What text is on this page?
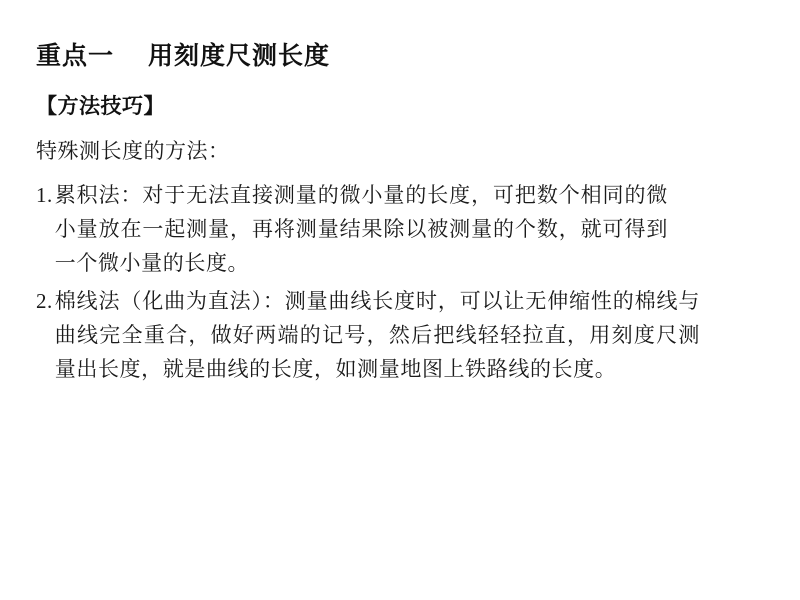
重点一 用刻度尺测长度
【方法技巧】

特殊测长度的方法：

1. 累积法：对于无法直接测量的微小量的长度，可把数个相同的微小量放在一起测量，再将测量结果除以被测量的个数，就可得到一个微小量的长度。
2. 棉线法（化曲为直法）：测量曲线长度时，可以让无伸缩性的棉线与曲线完全重合，做好两端的记号，然后把线轻轻拉直，用刻度尺测量出长度，就是曲线的长度，如测量地图上铁路线的长度。
